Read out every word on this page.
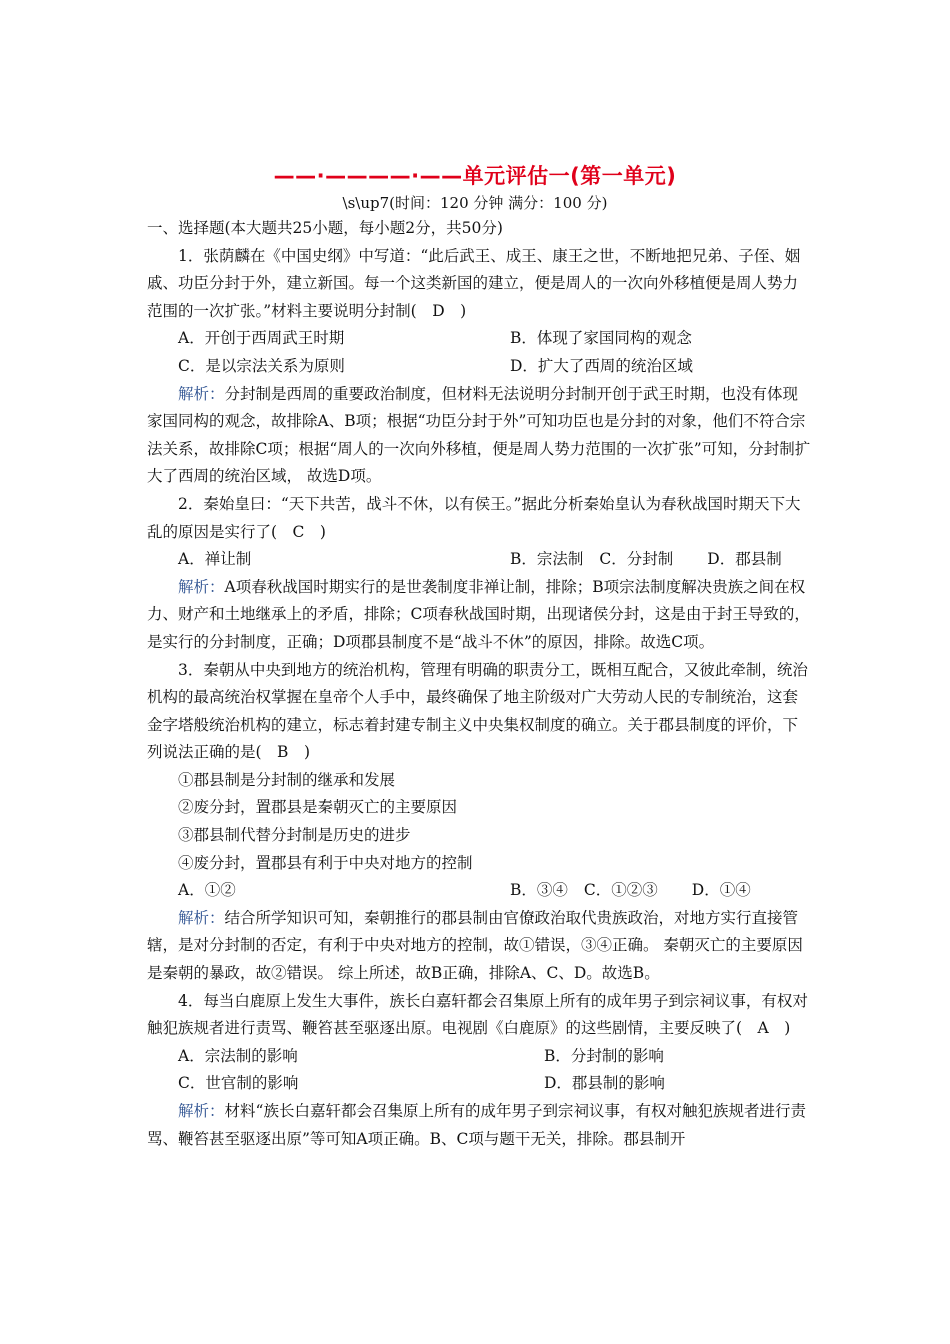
——·————·——单元评估一(第一单元)
\s\up7(时间：120 分钟 满分：100 分)

一、选择题(本大题共25小题，每小题2分，共50分)

1．张荫麟在《中国史纲》中写道：“此后武王、成王、康王之世，不断地把兄弟、子侄、姻戚、功臣分封于外，建立新国。每一个这类新国的建立，便是周人的一次向外移植便是周人势力范围的一次扩张。”材料主要说明分封制(　D　)

A．开创于西周武王时期	B．体现了家国同构的观念
C．是以宗法关系为原则	D．扩大了西周的统治区域

解析：分封制是西周的重要政治制度，但材料无法说明分封制开创于武王时期，也没有体现家国同构的观念，故排除A、B项；根据“功臣分封于外”可知功臣也是分封的对象，他们不符合宗法关系，故排除C项；根据“周人的一次向外移植，便是周人势力范围的一次扩张”可知，分封制扩大了西周的统治区域， 故选D项。

2．秦始皇曰：“天下共苦，战斗不休，以有侯王。”据此分析秦始皇认为春秋战国时期天下大乱的原因是实行了(　C　)

A．禅让制	B．宗法制 C．分封制 D．郡县制

解析：A项春秋战国时期实行的是世袭制度非禅让制，排除；B项宗法制度解决贵族之间在权力、财产和土地继承上的矛盾，排除；C项春秋战国时期，出现诸侯分封，这是由于封王导致的，是实行的分封制度，正确；D项郡县制度不是“战斗不休”的原因，排除。故选C项。

3．秦朝从中央到地方的统治机构，管理有明确的职责分工，既相互配合，又彼此牵制，统治机构的最高统治权掌握在皇帝个人手中，最终确保了地主阶级对广大劳动人民的专制统治，这套金字塔般统治机构的建立，标志着封建专制主义中央集权制度的确立。关于郡县制度的评价，下列说法正确的是(　B　)

①郡县制是分封制的继承和发展

②废分封，置郡县是秦朝灭亡的主要原因

③郡县制代替分封制是历史的进步

④废分封，置郡县有利于中央对地方的控制

A．①②	B．③④ C．①②③ D．①④

解析：结合所学知识可知，秦朝推行的郡县制由官僚政治取代贵族政治，对地方实行直接管辖，是对分封制的否定，有利于中央对地方的控制，故①错误，③④正确。 秦朝灭亡的主要原因是秦朝的暴政，故②错误。 综上所述，故B正确，排除A、C、D。故选B。

4．每当白鹿原上发生大事件，族长白嘉轩都会召集原上所有的成年男子到宗祠议事，有权对触犯族规者进行责骂、鞭笞甚至驱逐出原。电视剧《白鹿原》的这些剧情，主要反映了(　A　)

A．宗法制的影响	B．分封制的影响
C．世官制的影响	D．郡县制的影响

解析：材料“族长白嘉轩都会召集原上所有的成年男子到宗祠议事，有权对触犯族规者进行责骂、鞭笞甚至驱逐出原”等可知A项正确。B、C项与题干无关，排除。郡县制开
